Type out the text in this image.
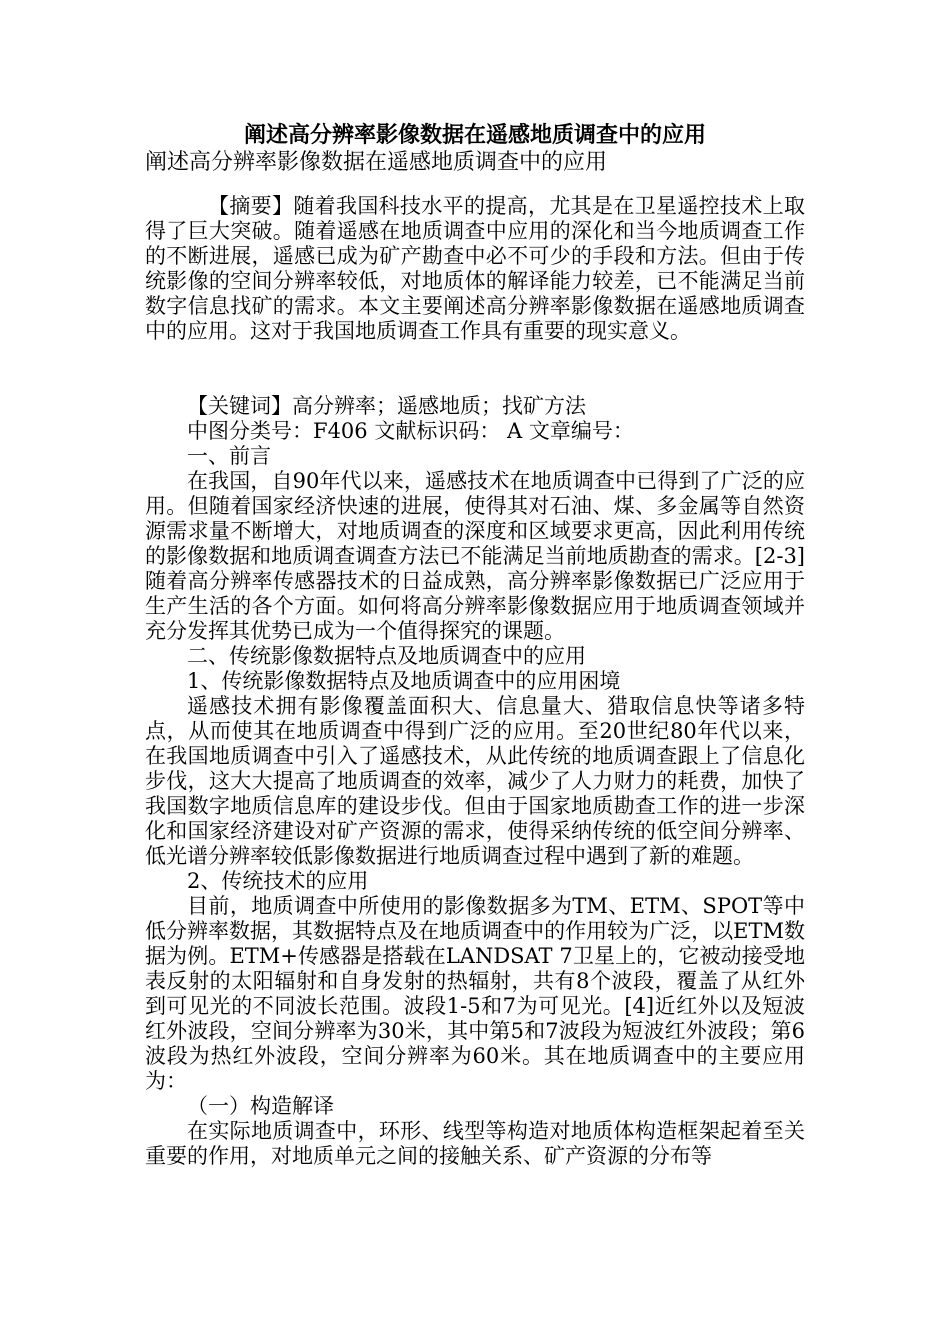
阐述高分辨率影像数据在遥感地质调查中的应用
阐述高分辨率影像数据在遥感地质调查中的应用

【摘要】随着我国科技水平的提高，尤其是在卫星遥控技术上取得了巨大突破。随着遥感在地质调查中应用的深化和当今地质调查工作的不断进展，遥感已成为矿产勘查中必不可少的手段和方法。但由于传统影像的空间分辨率较低，对地质体的解译能力较差，已不能满足当前数字信息找矿的需求。本文主要阐述高分辨率影像数据在遥感地质调查中的应用。这对于我国地质调查工作具有重要的现实意义。

【关键词】高分辨率；遥感地质；找矿方法

中图分类号：F406 文献标识码： A 文章编号：

一、前言

在我国，自90年代以来，遥感技术在地质调查中已得到了广泛的应用。但随着国家经济快速的进展，使得其对石油、煤、多金属等自然资源需求量不断增大，对地质调查的深度和区域要求更高，因此利用传统的影像数据和地质调查调查方法已不能满足当前地质勘查的需求。[2-3]随着高分辨率传感器技术的日益成熟，高分辨率影像数据已广泛应用于生产生活的各个方面。如何将高分辨率影像数据应用于地质调查领域并充分发挥其优势已成为一个值得探究的课题。

二、传统影像数据特点及地质调查中的应用

1、传统影像数据特点及地质调查中的应用困境

遥感技术拥有影像覆盖面积大、信息量大、猎取信息快等诸多特点，从而使其在地质调查中得到广泛的应用。至20世纪80年代以来，在我国地质调查中引入了遥感技术，从此传统的地质调查跟上了信息化步伐，这大大提高了地质调查的效率，减少了人力财力的耗费，加快了我国数字地质信息库的建设步伐。但由于国家地质勘查工作的进一步深化和国家经济建设对矿产资源的需求，使得采纳传统的低空间分辨率、低光谱分辨率较低影像数据进行地质调查过程中遇到了新的难题。

2、传统技术的应用

目前，地质调查中所使用的影像数据多为TM、ETM、SPOT等中低分辨率数据，其数据特点及在地质调查中的作用较为广泛，以ETM数据为例。ETM+传感器是搭载在LANDSAT 7卫星上的，它被动接受地表反射的太阳辐射和自身发射的热辐射，共有8个波段，覆盖了从红外到可见光的不同波长范围。波段1-5和7为可见光。[4]近红外以及短波红外波段，空间分辨率为30米，其中第5和7波段为短波红外波段；第6波段为热红外波段，空间分辨率为60米。其在地质调查中的主要应用为：

（一）构造解译

在实际地质调查中，环形、线型等构造对地质体构造框架起着至关重要的作用，对地质单元之间的接触关系、矿产资源的分布等
